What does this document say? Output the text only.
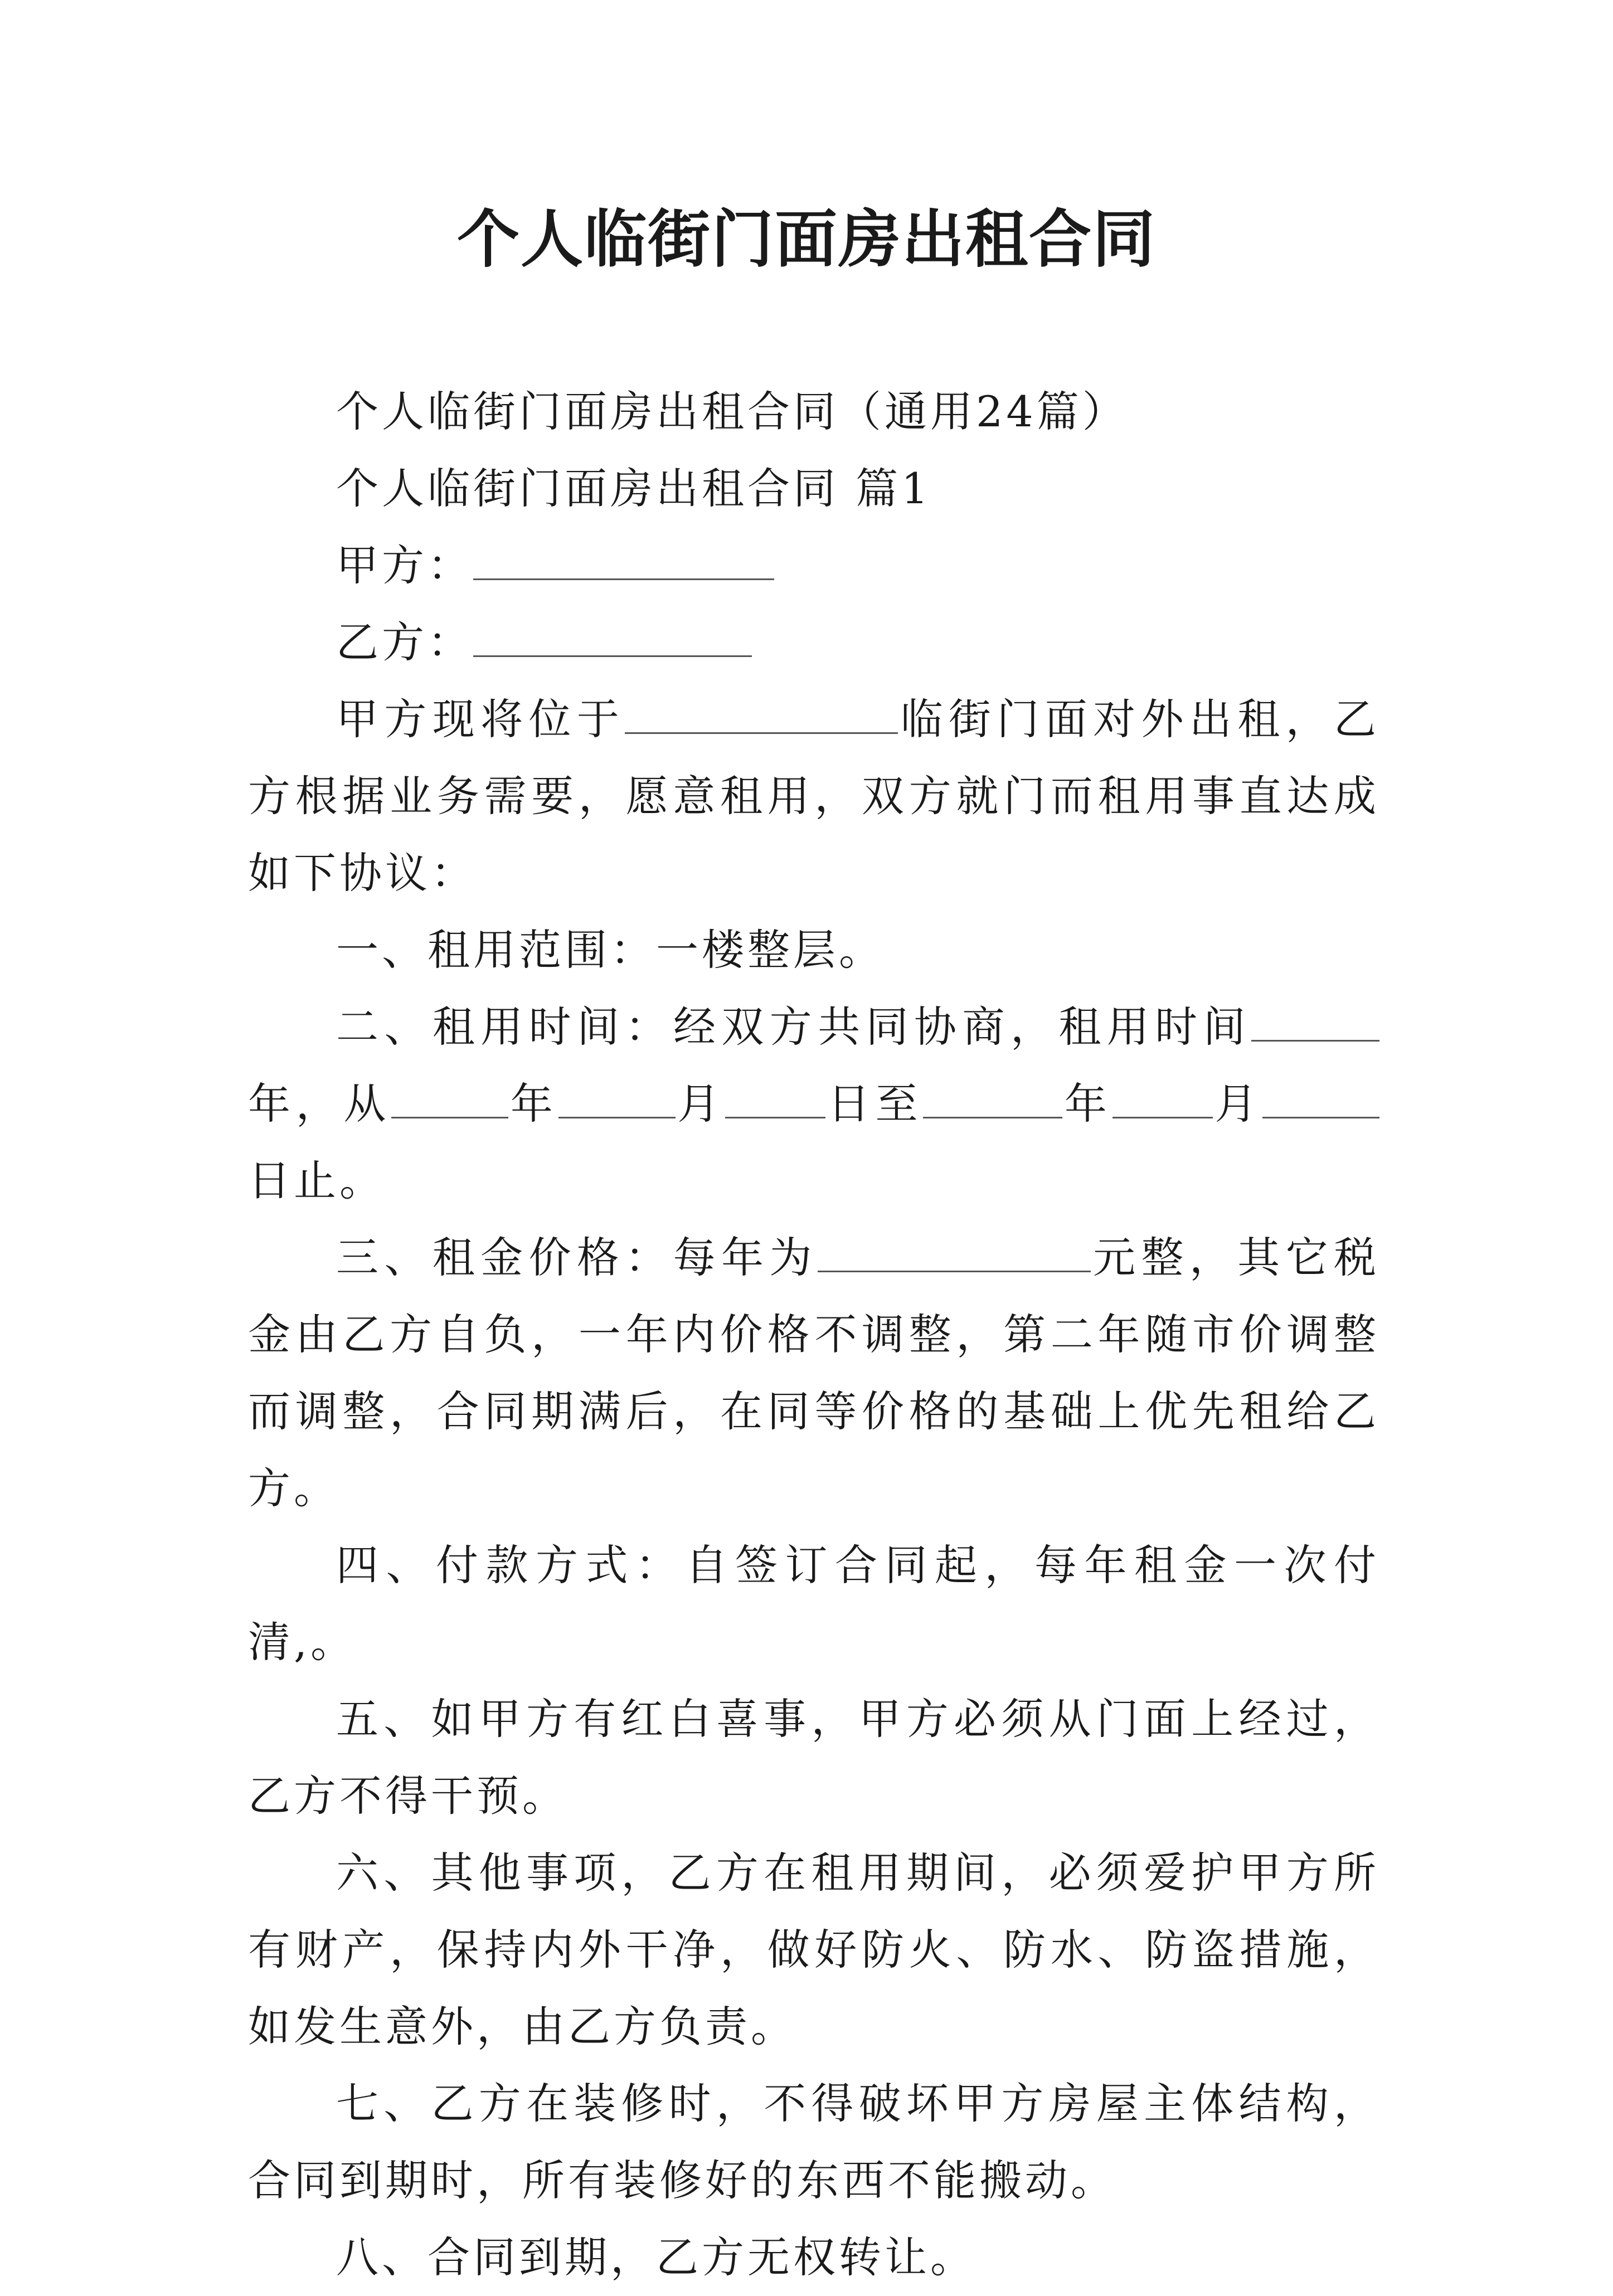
个人临街门面房出租合同

个人临街门面房出租合同（通用24篇）

个人临街门面房出租合同 篇1

甲方：

乙方：

甲方现将位于	临街门面对外出租，乙方根据业务需要，愿意租用，双方就门而租用事直达成如下协议：

一、租用范围：一楼整层。

二、租用时间：经双方共同协商，租用时间年，从	年	月 日至	年 月日止。

三、租金价格：每年为	元整，其它税金由乙方自负，一年内价格不调整，第二年随市价调整而调整，合同期满后，在同等价格的基础上优先租给乙方。

四、付款方式：自签订合同起，每年租金一次付清,。

五、如甲方有红白喜事，甲方必须从门面上经过，乙方不得干预。

六、其他事项，乙方在租用期间，必须爱护甲方所有财产，保持内外干净，做好防火、防水、防盗措施，如发生意外，由乙方负责。

七、乙方在装修时，不得破坏甲方房屋主体结构，合同到期时，所有装修好的东西不能搬动。

八、合同到期，乙方无权转让。
